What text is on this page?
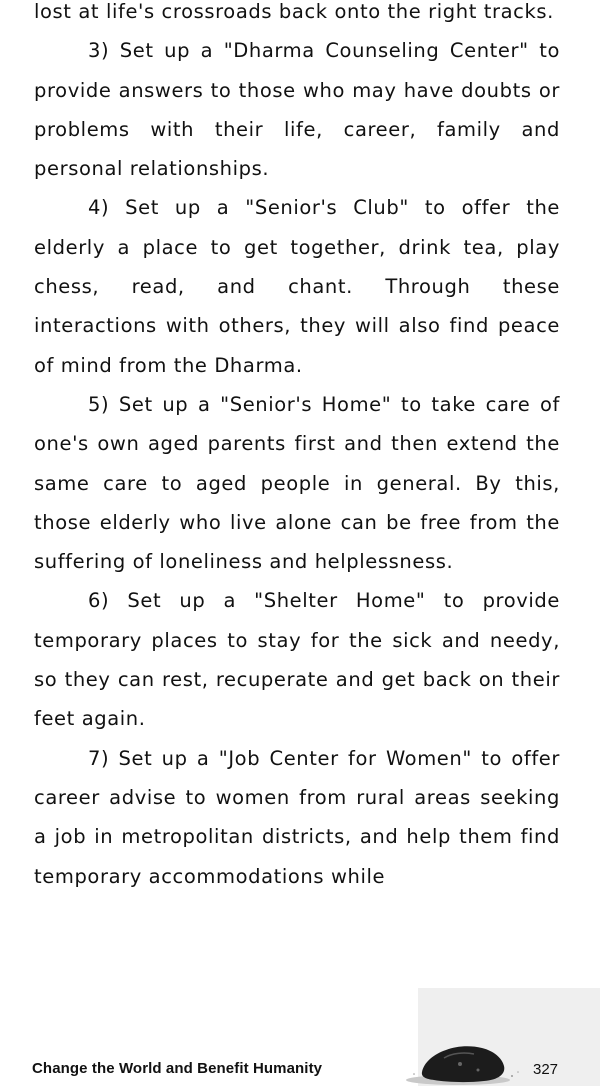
lost at life's crossroads back onto the right tracks.

3) Set up a "Dharma Counseling Center" to provide answers to those who may have doubts or problems with their life, career, family and personal relationships.

4) Set up a "Senior's Club" to offer the elderly a place to get together, drink tea, play chess, read, and chant. Through these interactions with others, they will also find peace of mind from the Dharma.

5) Set up a "Senior's Home" to take care of one's own aged parents first and then extend the same care to aged people in general. By this, those elderly who live alone can be free from the suffering of loneliness and helplessness.

6) Set up a "Shelter Home" to provide temporary places to stay for the sick and needy, so they can rest, recuperate and get back on their feet again.

7) Set up a "Job Center for Women" to offer career advise to women from rural areas seeking a job in metropolitan districts, and help them find temporary accommodations while

Change the World and Benefit Humanity	327
